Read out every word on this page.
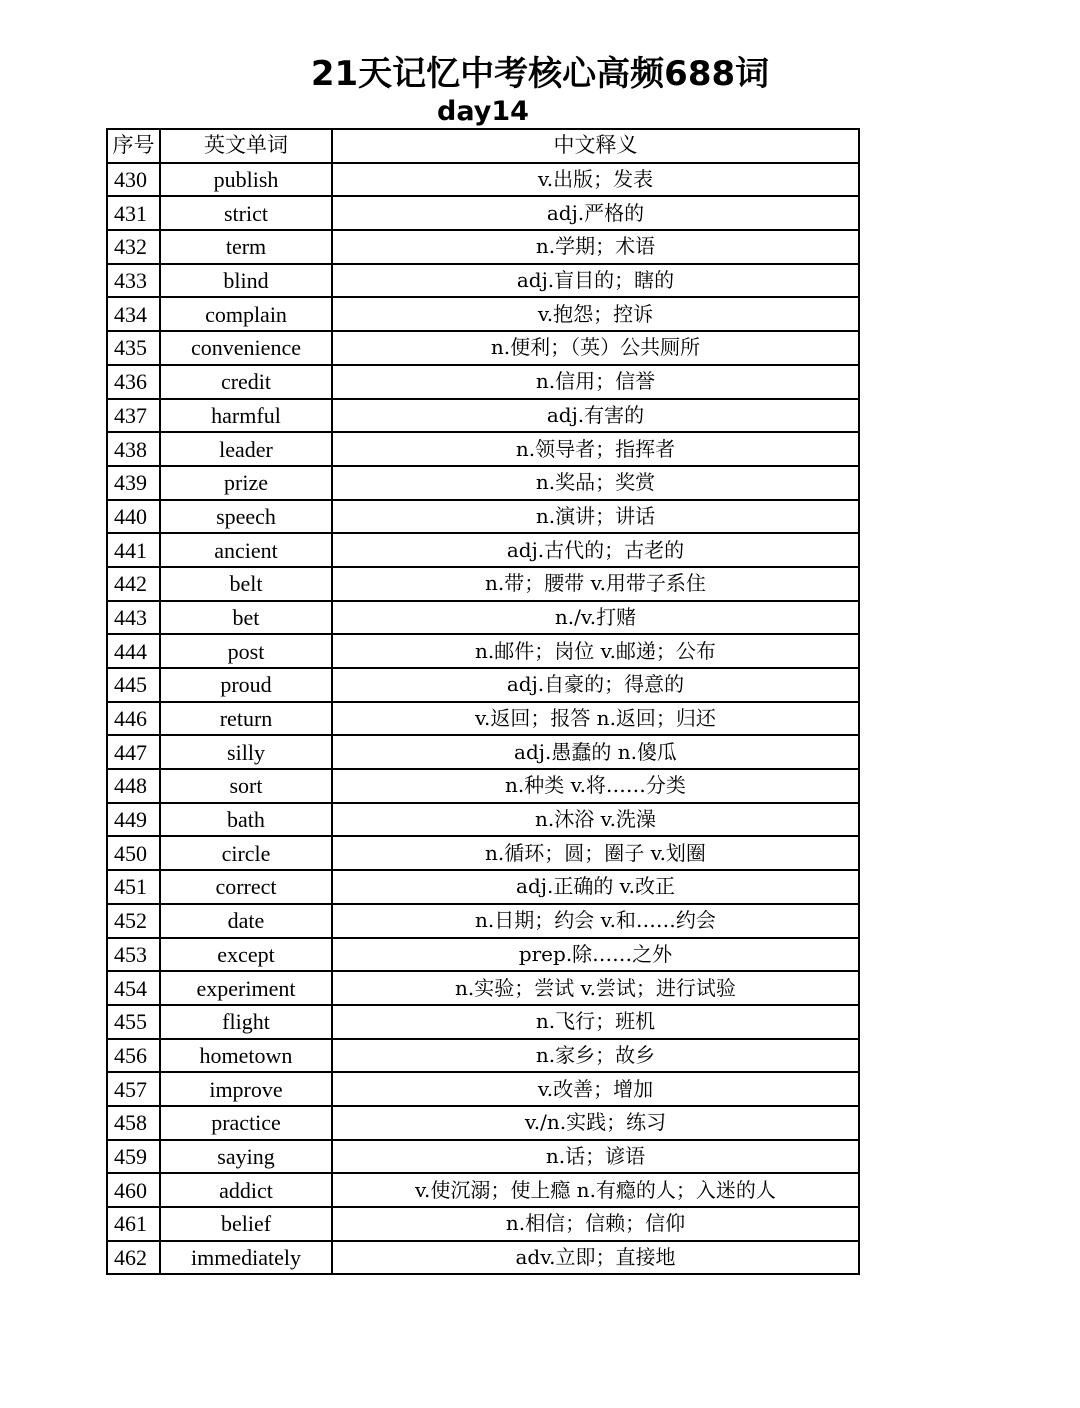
21天记忆中考核心高频688词
day14
序号	英文单词	中文释义
430	publish	v.出版；发表
431	strict	adj.严格的
432	term	n.学期；术语
433	blind	adj.盲目的；瞎的
434	complain	v.抱怨；控诉
435	convenience	n.便利；（英）公共厕所
436	credit	n.信用；信誉
437	harmful	adj.有害的
438	leader	n.领导者；指挥者
439	prize	n.奖品；奖赏
440	speech	n.演讲；讲话
441	ancient	adj.古代的；古老的
442	belt	n.带；腰带 v.用带子系住
443	bet	n./v.打赌
444	post	n.邮件；岗位 v.邮递；公布
445	proud	adj.自豪的；得意的
446	return	v.返回；报答 n.返回；归还
447	silly	adj.愚蠢的 n.傻瓜
448	sort	n.种类 v.将……分类
449	bath	n.沐浴 v.洗澡
450	circle	n.循环；圆；圈子 v.划圈
451	correct	adj.正确的 v.改正
452	date	n.日期；约会 v.和……约会
453	except	prep.除……之外
454	experiment	n.实验；尝试 v.尝试；进行试验
455	flight	n.飞行；班机
456	hometown	n.家乡；故乡
457	improve	v.改善；增加
458	practice	v./n.实践；练习
459	saying	n.话；谚语
460	addict	v.使沉溺；使上瘾 n.有瘾的人；入迷的人
461	belief	n.相信；信赖；信仰
462	immediately	adv.立即；直接地
